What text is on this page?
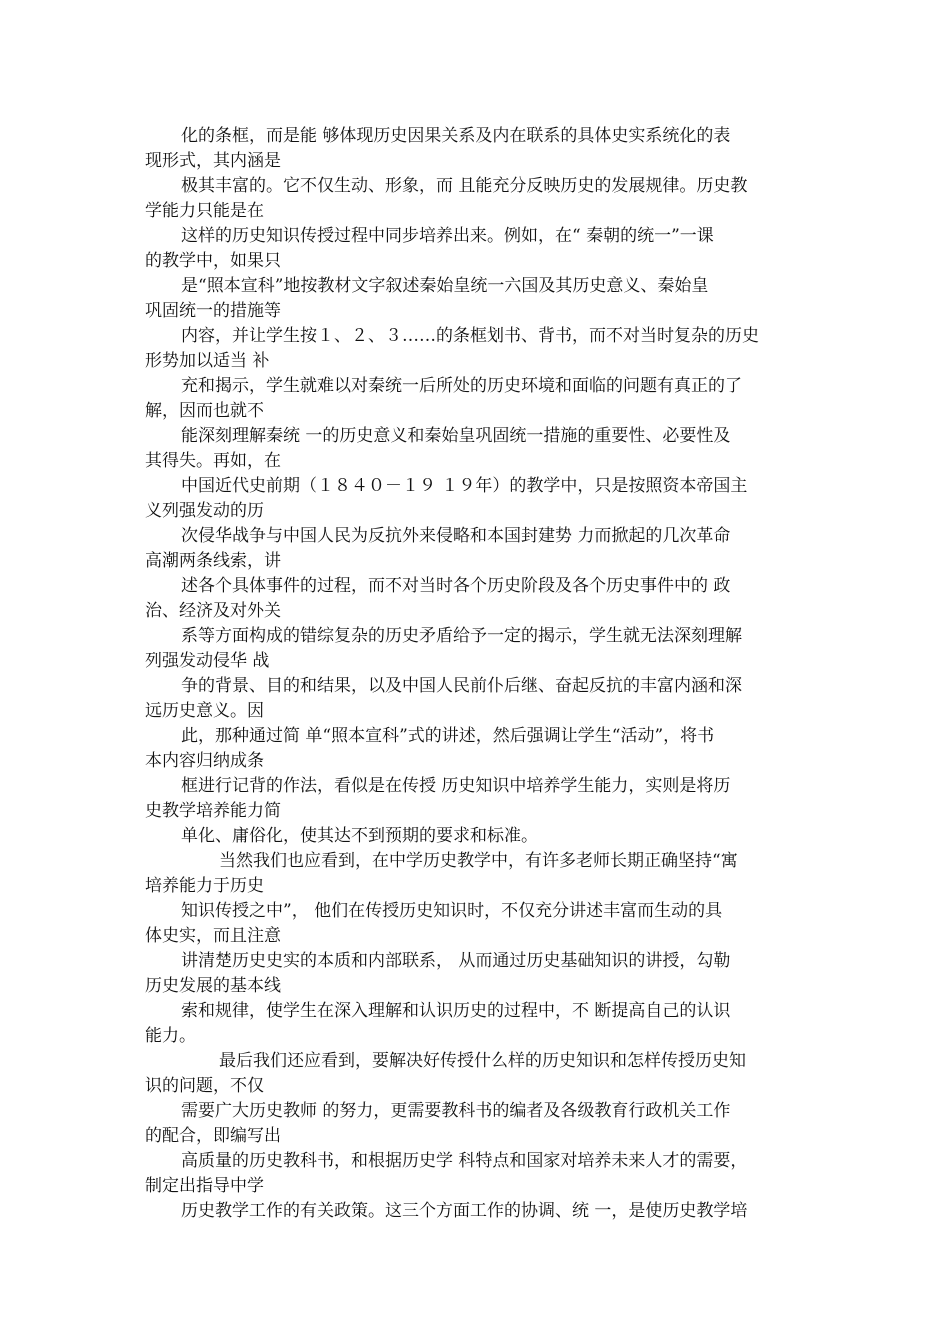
化的条框，而是能 够体现历史因果关系及内在联系的具体史实系统化的表
现形式，其内涵是
极其丰富的。它不仅生动、形象，而 且能充分反映历史的发展规律。历史教
学能力只能是在
这样的历史知识传授过程中同步培养出来。例如，在“ 秦朝的统一”一课
的教学中，如果只
是“照本宣科”地按教材文字叙述秦始皇统一六国及其历史意义、秦始皇
巩固统一的措施等
内容，并让学生按１、２、３……的条框划书、背书，而不对当时复杂的历史
形势加以适当 补
充和揭示，学生就难以对秦统一后所处的历史环境和面临的问题有真正的了
解，因而也就不
能深刻理解秦统 一的历史意义和秦始皇巩固统一措施的重要性、必要性及
其得失。再如，在
中国近代史前期（１８４０－１９ １９年）的教学中，只是按照资本帝国主
义列强发动的历
次侵华战争与中国人民为反抗外来侵略和本国封建势 力而掀起的几次革命
高潮两条线索，讲
述各个具体事件的过程，而不对当时各个历史阶段及各个历史事件中的 政
治、经济及对外关
系等方面构成的错综复杂的历史矛盾给予一定的揭示，学生就无法深刻理解
列强发动侵华 战
争的背景、目的和结果，以及中国人民前仆后继、奋起反抗的丰富内涵和深
远历史意义。因
此，那种通过简 单“照本宣科”式的讲述，然后强调让学生“活动”，将书
本内容归纳成条
框进行记背的作法，看似是在传授 历史知识中培养学生能力，实则是将历
史教学培养能力简
单化、庸俗化，使其达不到预期的要求和标准。
当然我们也应看到，在中学历史教学中，有许多老师长期正确坚持“寓
培养能力于历史
知识传授之中”， 他们在传授历史知识时，不仅充分讲述丰富而生动的具
体史实，而且注意
讲清楚历史史实的本质和内部联系， 从而通过历史基础知识的讲授，勾勒
历史发展的基本线
索和规律，使学生在深入理解和认识历史的过程中，不 断提高自己的认识
能力。
最后我们还应看到，要解决好传授什么样的历史知识和怎样传授历史知
识的问题，不仅
需要广大历史教师 的努力，更需要教科书的编者及各级教育行政机关工作
的配合，即编写出
高质量的历史教科书，和根据历史学 科特点和国家对培养未来人才的需要，
制定出指导中学
历史教学工作的有关政策。这三个方面工作的协调、统 一，是使历史教学培
